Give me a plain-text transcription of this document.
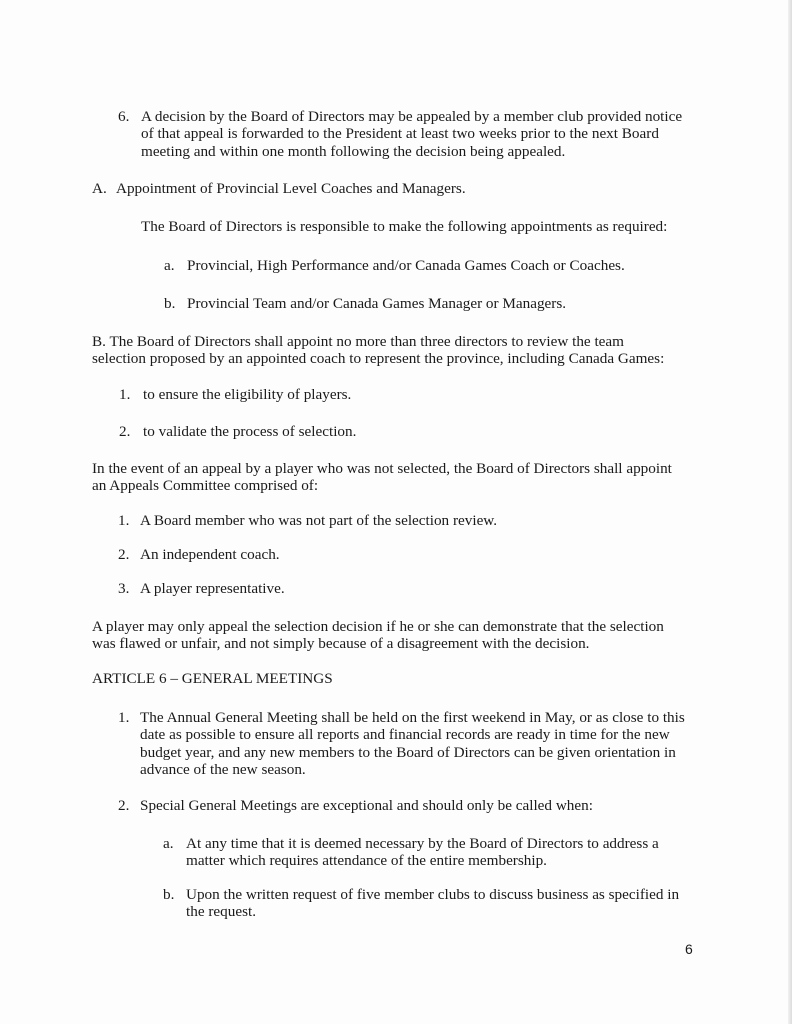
6. A decision by the Board of Directors may be appealed by a member club provided notice
of that appeal is forwarded to the President at least two weeks prior to the next Board
meeting and within one month following the decision being appealed.
A. Appointment of Provincial Level Coaches and Managers.
The Board of Directors is responsible to make the following appointments as required:
a. Provincial, High Performance and/or Canada Games Coach or Coaches.
b. Provincial Team and/or Canada Games Manager or Managers.
B. The Board of Directors shall appoint no more than three directors to review the team
selection proposed by an appointed coach to represent the province, including Canada Games:
1. to ensure the eligibility of players.
2. to validate the process of selection.
In the event of an appeal by a player who was not selected, the Board of Directors shall appoint
an Appeals Committee comprised of:
1. A Board member who was not part of the selection review.
2. An independent coach.
3. A player representative.
A player may only appeal the selection decision if he or she can demonstrate that the selection
was flawed or unfair, and not simply because of a disagreement with the decision.
ARTICLE 6 – GENERAL MEETINGS
1. The Annual General Meeting shall be held on the first weekend in May, or as close to this
date as possible to ensure all reports and financial records are ready in time for the new
budget year, and any new members to the Board of Directors can be given orientation in
advance of the new season.
2. Special General Meetings are exceptional and should only be called when:
a. At any time that it is deemed necessary by the Board of Directors to address a
matter which requires attendance of the entire membership.
b. Upon the written request of five member clubs to discuss business as specified in
the request.
6
